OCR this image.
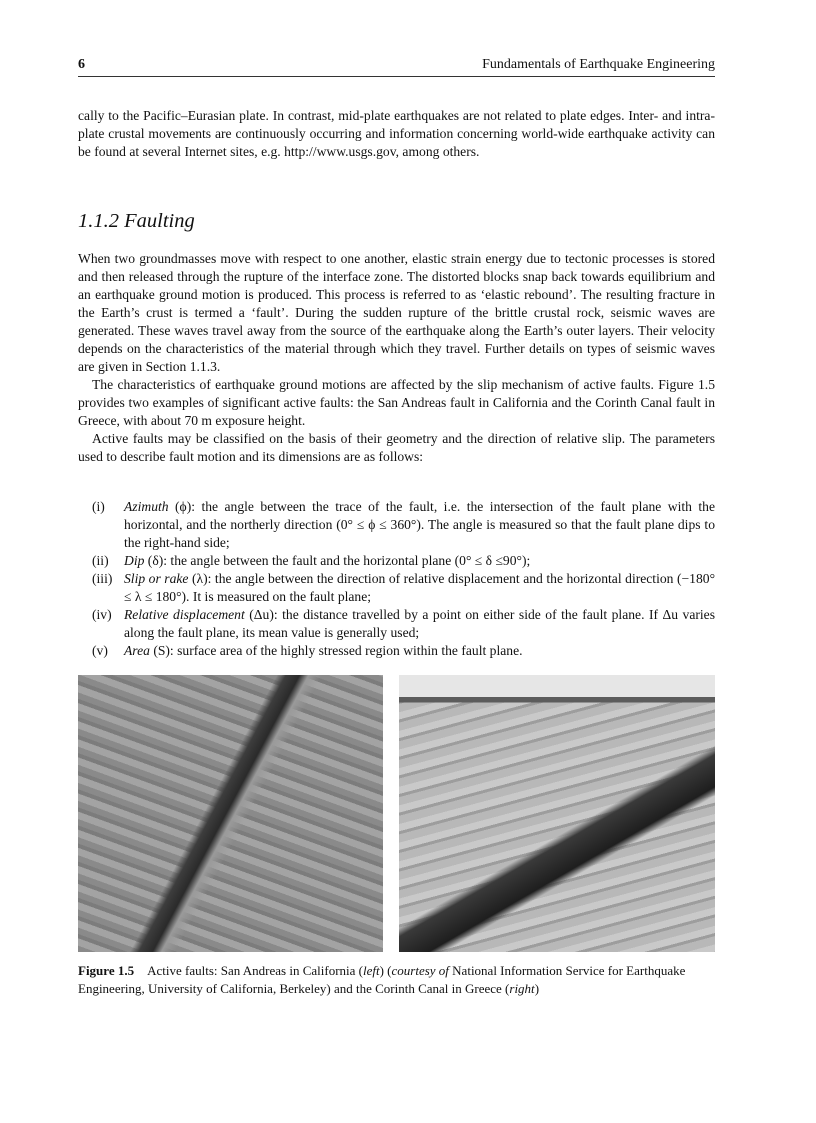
6	Fundamentals of Earthquake Engineering

cally to the Pacific–Eurasian plate. In contrast, mid-plate earthquakes are not related to plate edges. Inter- and intra-plate crustal movements are continuously occurring and information concerning world-wide earthquake activity can be found at several Internet sites, e.g. http://www.usgs.gov, among others.

1.1.2 Faulting

When two groundmasses move with respect to one another, elastic strain energy due to tectonic processes is stored and then released through the rupture of the interface zone. The distorted blocks snap back towards equilibrium and an earthquake ground motion is produced. This process is referred to as ‘elastic rebound’. The resulting fracture in the Earth’s crust is termed a ‘fault’. During the sudden rupture of the brittle crustal rock, seismic waves are generated. These waves travel away from the source of the earthquake along the Earth’s outer layers. Their velocity depends on the characteristics of the material through which they travel. Further details on types of seismic waves are given in Section 1.1.3.

The characteristics of earthquake ground motions are affected by the slip mechanism of active faults. Figure 1.5 provides two examples of significant active faults: the San Andreas fault in California and the Corinth Canal fault in Greece, with about 70 m exposure height.

Active faults may be classified on the basis of their geometry and the direction of relative slip. The parameters used to describe fault motion and its dimensions are as follows:

(i) Azimuth (ϕ): the angle between the trace of the fault, i.e. the intersection of the fault plane with the horizontal, and the northerly direction (0° ≤ ϕ ≤ 360°). The angle is measured so that the fault plane dips to the right-hand side;
(ii) Dip (δ): the angle between the fault and the horizontal plane (0° ≤ δ ≤90°);
(iii) Slip or rake (λ): the angle between the direction of relative displacement and the horizontal direction (−180° ≤ λ ≤ 180°). It is measured on the fault plane;
(iv) Relative displacement (Δu): the distance travelled by a point on either side of the fault plane. If Δu varies along the fault plane, its mean value is generally used;
(v) Area (S): surface area of the highly stressed region within the fault plane.
Figure 1.5 Active faults: San Andreas in California (left) (courtesy of National Information Service for Earthquake Engineering, University of California, Berkeley) and the Corinth Canal in Greece (right)
